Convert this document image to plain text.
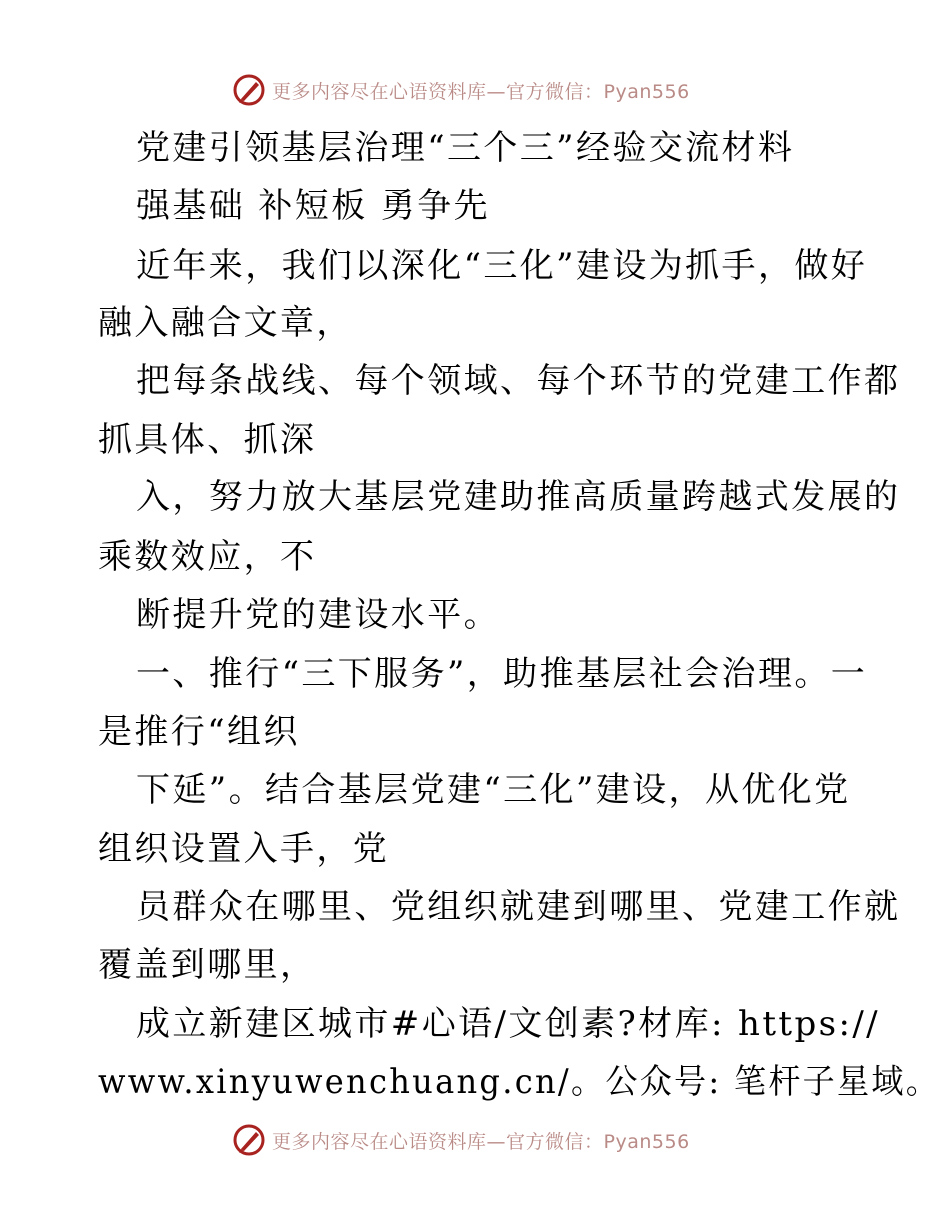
更多内容尽在心语资料库—官方微信：Pyan556
党建引领基层治理“三个三”经验交流材料
强基础 补短板 勇争先
近年来，我们以深化“三化”建设为抓手，做好
融入融合文章，
把每条战线、每个领域、每个环节的党建工作都
抓具体、抓深
入，努力放大基层党建助推高质量跨越式发展的
乘数效应，不
断提升党的建设水平。
一、推行“三下服务”，助推基层社会治理。一
是推行“组织
下延”。结合基层党建“三化”建设，从优化党
组织设置入手，党
员群众在哪里、党组织就建到哪里、党建工作就
覆盖到哪里，
成立新建区城市#心语/文创素?材库: https://
www.xinyuwenchuang.cn/。公众号: 笔杆子星域。
更多内容尽在心语资料库—官方微信：Pyan556
